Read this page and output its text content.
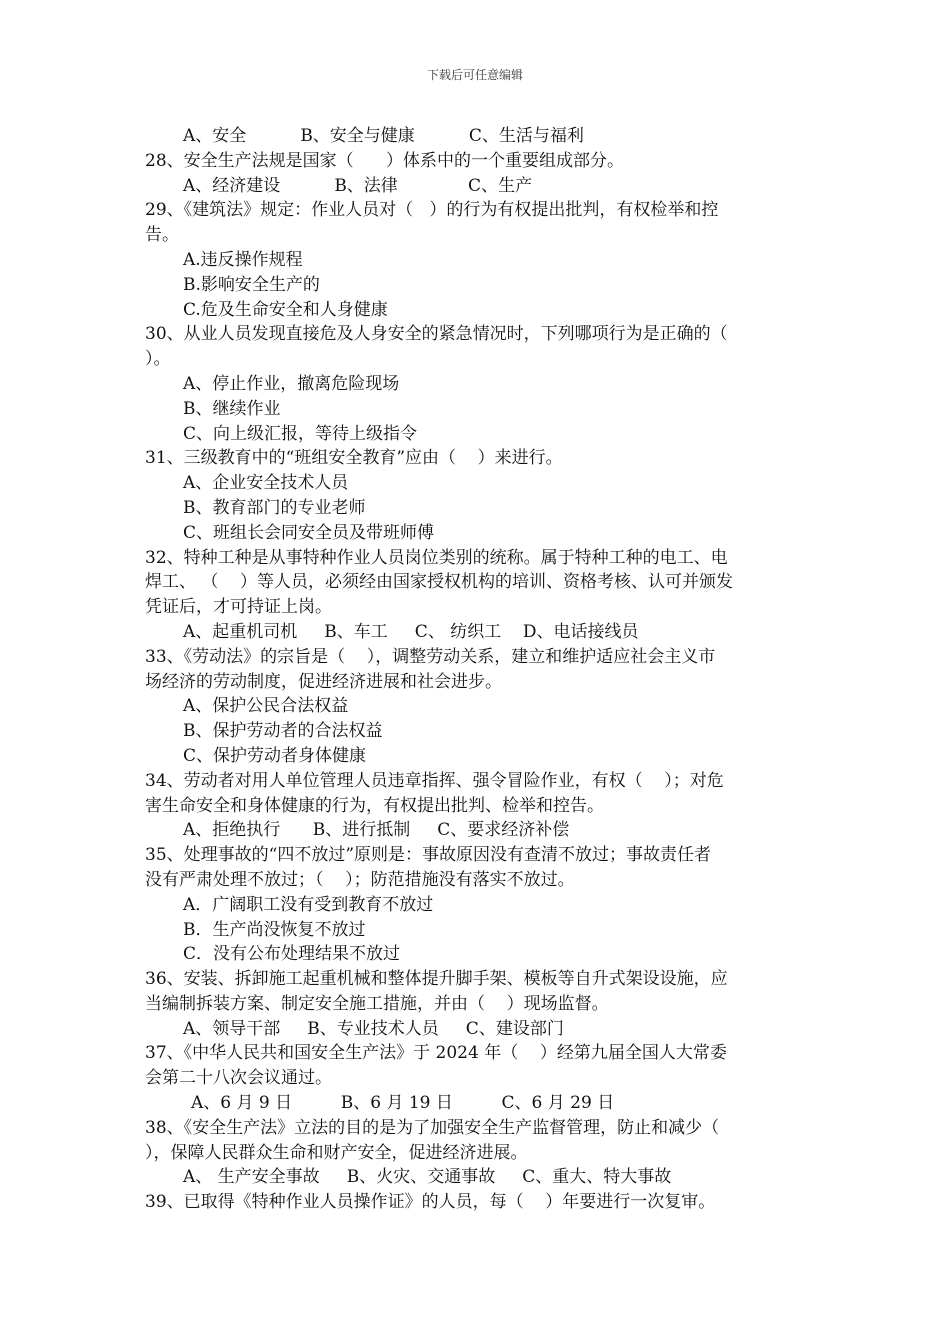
下载后可任意编辑
A、安全          B、安全与健康          C、生活与福利
28、安全生产法规是国家（      ）体系中的一个重要组成部分。
A、经济建设          B、法律             C、生产
29、《建筑法》规定：作业人员对（   ）的行为有权提出批判，有权检举和控
告。
A.违反操作规程
B.影响安全生产的
C.危及生命安全和人身健康
30、从业人员发现直接危及人身安全的紧急情况时，下列哪项行为是正确的（
）。
A、停止作业，撤离危险现场
B、继续作业
C、向上级汇报，等待上级指令
31、三级教育中的“班组安全教育”应由（    ）来进行。
A、企业安全技术人员
B、教育部门的专业老师
C、班组长会同安全员及带班师傅
32、特种工种是从事特种作业人员岗位类别的统称。属于特种工种的电工、电
焊工、 （    ）等人员，必须经由国家授权机构的培训、资格考核、认可并颁发
凭证后，才可持证上岗。
A、起重机司机     B、车工     C、 纺织工    D、电话接线员
33、《劳动法》的宗旨是（    ），调整劳动关系，建立和维护适应社会主义市
场经济的劳动制度，促进经济进展和社会进步。
A、保护公民合法权益
B、保护劳动者的合法权益
C、保护劳动者身体健康
34、劳动者对用人单位管理人员违章指挥、强令冒险作业，有权（    ）；对危
害生命安全和身体健康的行为，有权提出批判、检举和控告。
A、拒绝执行      B、进行抵制     C、要求经济补偿
35、处理事故的“四不放过”原则是：事故原因没有查清不放过；事故责任者
没有严肃处理不放过；（    ）；防范措施没有落实不放过。
A．广阔职工没有受到教育不放过
B．生产尚没恢复不放过
C．没有公布处理结果不放过
36、安装、拆卸施工起重机械和整体提升脚手架、模板等自升式架设设施，应
当编制拆装方案、制定安全施工措施，并由（    ）现场监督。
A、领导干部     B、专业技术人员     C、建设部门
37、《中华人民共和国安全生产法》于 2024 年（    ）经第九届全国人大常委
会第二十八次会议通过。
A、6 月 9 日         B、6 月 19 日         C、6 月 29 日
38、《安全生产法》立法的目的是为了加强安全生产监督管理，防止和减少（
），保障人民群众生命和财产安全，促进经济进展。
A、 生产安全事故     B、火灾、交通事故     C、重大、特大事故
39、已取得《特种作业人员操作证》的人员，每（    ）年要进行一次复审。
